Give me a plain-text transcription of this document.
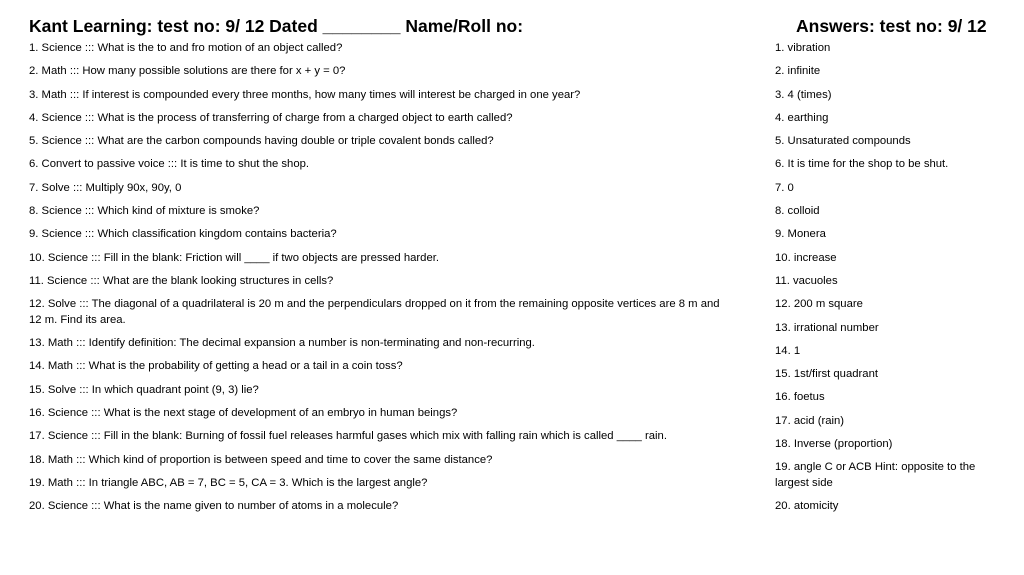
Kant Learning: test no: 9/ 12 Dated ________ Name/Roll no:
1. Science ::: What is the to and fro motion of an object called?
2. Math ::: How many possible solutions are there for x + y = 0?
3. Math ::: If interest is compounded every three months, how many times will interest be charged in one year?
4. Science ::: What is the process of transferring of charge from a charged object to earth called?
5. Science ::: What are the carbon compounds having double or triple covalent bonds called?
6. Convert to passive voice ::: It is time to shut the shop.
7. Solve ::: Multiply 90x, 90y, 0
8. Science ::: Which kind of mixture is smoke?
9. Science ::: Which classification kingdom contains bacteria?
10. Science ::: Fill in the blank: Friction will ____ if two objects are pressed harder.
11. Science ::: What are the blank looking structures in cells?
12. Solve ::: The diagonal of a quadrilateral is 20 m and the perpendiculars dropped on it from the remaining opposite vertices are 8 m and 12 m. Find its area.
13. Math ::: Identify definition: The decimal expansion a number is non-terminating and non-recurring.
14. Math ::: What is the probability of getting a head or a tail in a coin toss?
15. Solve ::: In which quadrant point (9, 3) lie?
16. Science ::: What is the next stage of development of an embryo in human beings?
17. Science ::: Fill in the blank: Burning of fossil fuel releases harmful gases which mix with falling rain which is called ____ rain.
18. Math ::: Which kind of proportion is between speed and time to cover the same distance?
19. Math ::: In triangle ABC, AB = 7, BC = 5, CA = 3. Which is the largest angle?
20. Science ::: What is the name given to number of atoms in a molecule?
Answers: test no: 9/ 12
1. vibration
2. infinite
3. 4 (times)
4. earthing
5. Unsaturated compounds
6. It is time for the shop to be shut.
7. 0
8. colloid
9. Monera
10. increase
11. vacuoles
12. 200 m square
13. irrational number
14. 1
15. 1st/first quadrant
16. foetus
17. acid (rain)
18. Inverse (proportion)
19. angle C or ACB Hint: opposite to the largest side
20. atomicity
